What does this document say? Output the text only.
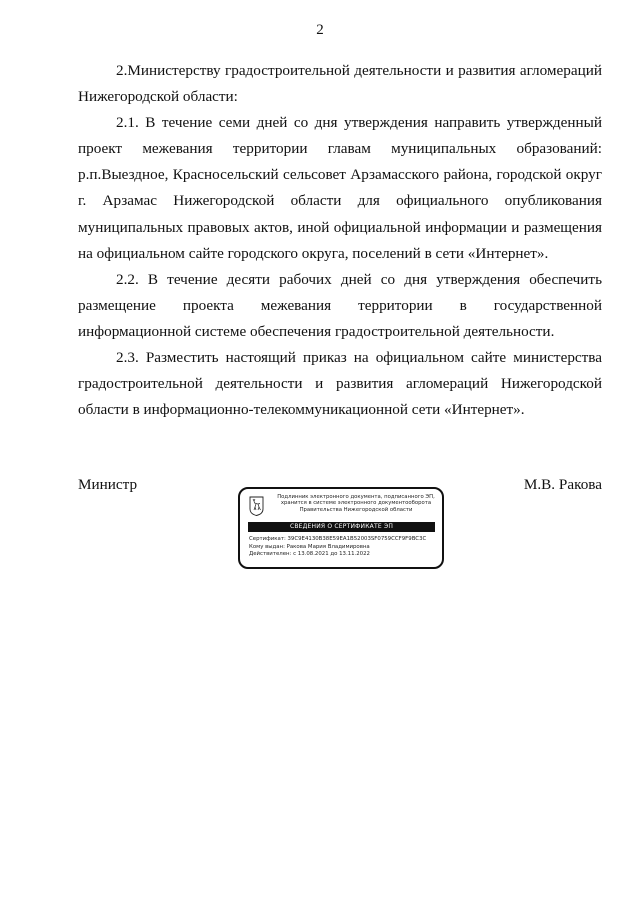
2

2.Министерству градостроительной деятельности и развития агломераций Нижегородской области:

2.1. В течение семи дней со дня утверждения направить утвержденный проект межевания территории главам муниципальных образований: р.п.Выездное, Красносельский сельсовет Арзамасского района, городской округ г. Арзамас Нижегородской области для официального опубликования муниципальных правовых актов, иной официальной информации и размещения на официальном сайте городского округа, поселений в сети «Интернет».

2.2. В течение десяти рабочих дней со дня утверждения обеспечить размещение проекта межевания территории в государственной информационной системе обеспечения градостроительной деятельности.

2.3. Разместить настоящий приказ на официальном сайте министерства градостроительной деятельности и развития агломераций Нижегородской области в информационно-телекоммуникационной сети «Интернет».

Министр	М.В. Ракова
Подлинник электронного документа, подписанного ЭП,
хранится в системе электронного документооборота
Правительства Нижегородской области
СВЕДЕНИЯ О СЕРТИФИКАТЕ ЭП
Сертификат: 39C9E4130B38E59EA1B52003SF0759CCF9F9BC3C
Кому выдан: Ракова Мария Владимировна
Действителен: с 13.08.2021 до 13.11.2022
